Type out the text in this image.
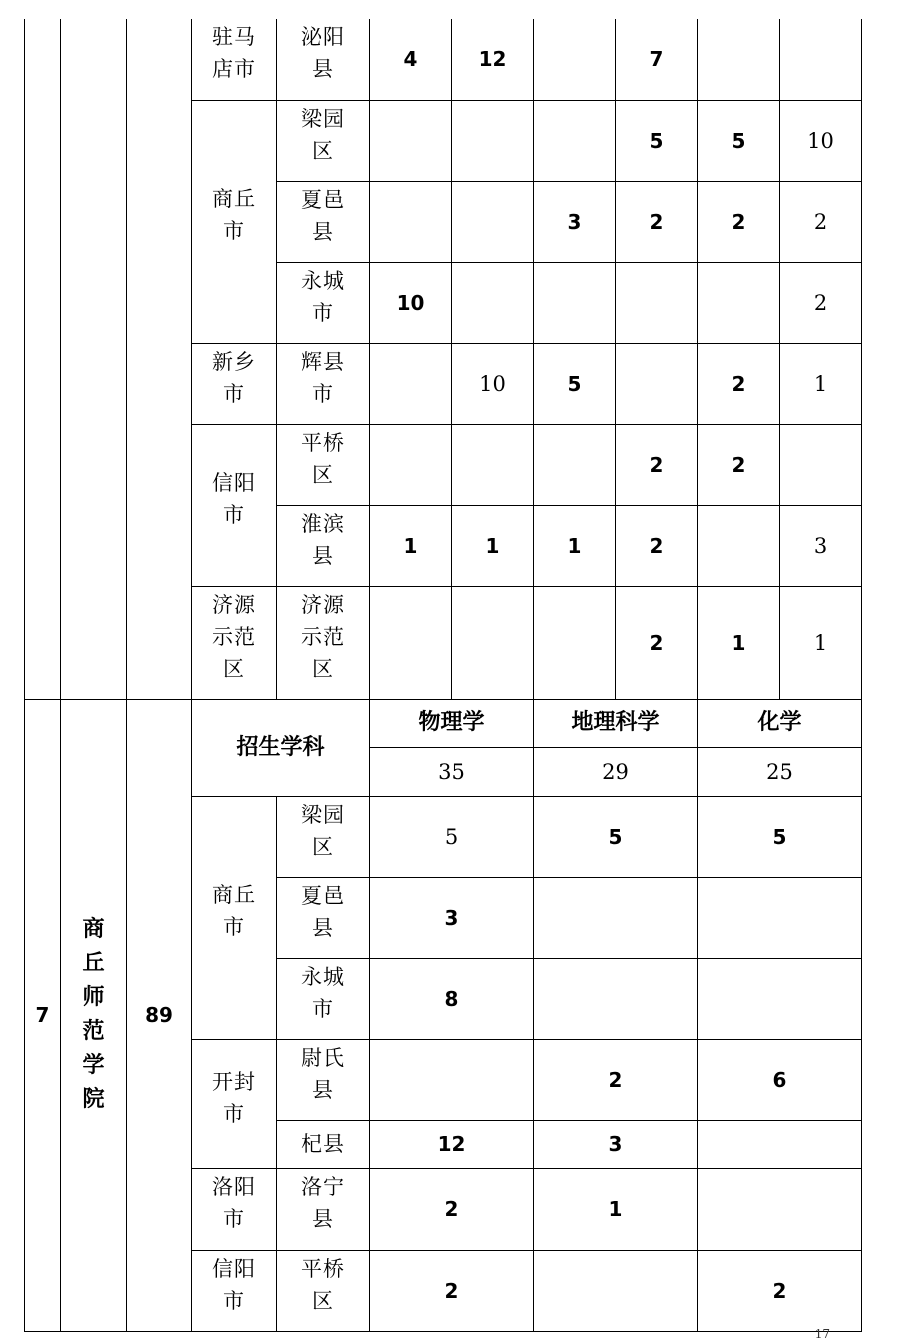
			驻马店市	泌阳县	4	12		7		

			商丘市	梁园区				5	5	10

				夏邑县			3	2	2	2

				永城市	10					2

			新乡市	辉县市		10	5		2	1

			信阳市	平桥区				2	2	

				淮滨县	1	1	1	2		3

			济源示范区	济源示范区				2	1	1
7	商丘师范学院	89	招生学科		物理学		地理科学		化学	
					35		29		25	

			商丘市	梁园区	5		5		5	

				夏邑县	3					

				永城市	8					

			开封市	尉氏县			2		6	

				杞县	12		3			

			洛阳市	洛宁县	2		1			

			信阳市	平桥区	2				2	
17
